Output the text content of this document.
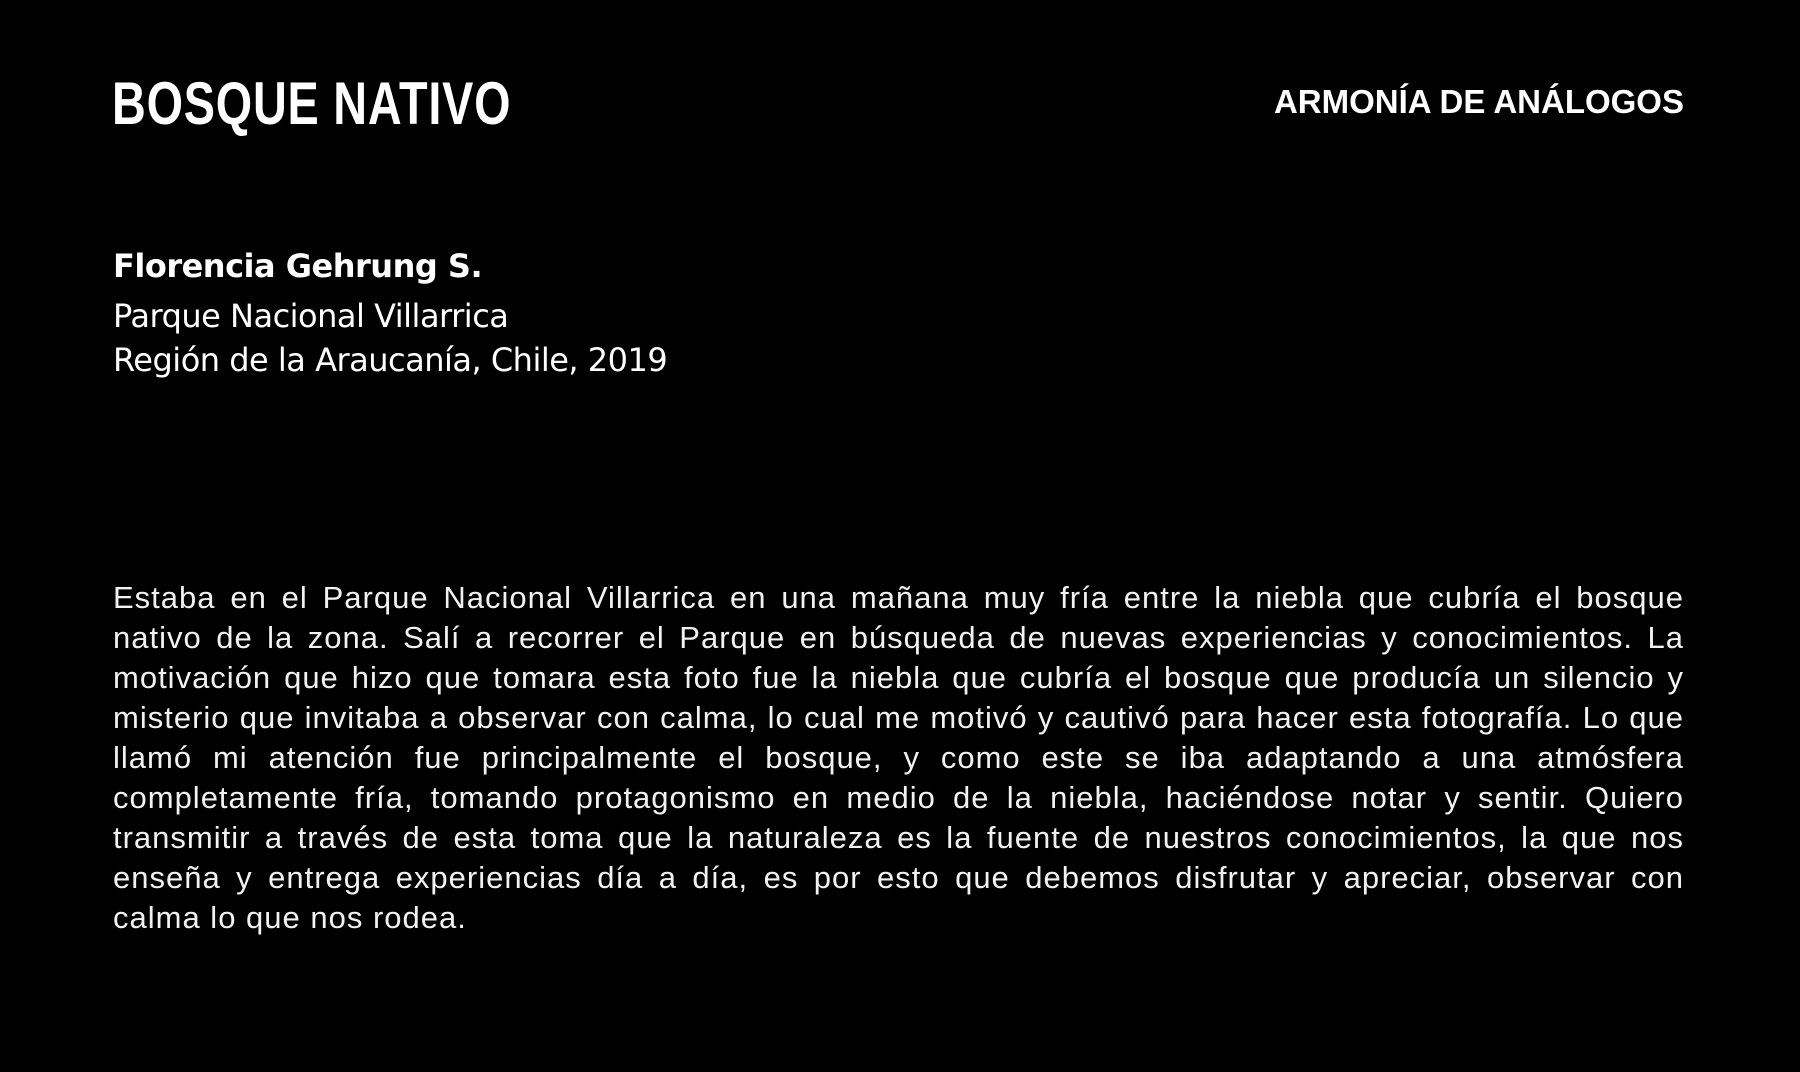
BOSQUE NATIVO	ARMONÍA DE ANÁLOGOS

Florencia Gehrung S.

Parque Nacional Villarrica

Región de la Araucanía, Chile, 2019

Estaba en el Parque Nacional Villarrica en una mañana muy fría entre la niebla que cubría el bosque nativo de la zona. Salí a recorrer el Parque en búsqueda de nuevas experiencias y conocimientos. La motivación que hizo que tomara esta foto fue la niebla que cubría el bosque que producía un silencio y misterio que invitaba a observar con calma, lo cual me motivó y cautivó para hacer esta fotografía. Lo que llamó mi atención fue principalmente el bosque, y como este se iba adaptando a una atmósfera completamente fría, tomando protagonismo en medio de la niebla, haciéndose notar y sentir. Quiero transmitir a través de esta toma que la naturaleza es la fuente de nuestros conocimientos, la que nos enseña y entrega experiencias día a día, es por esto que debemos disfrutar y apreciar, observar con calma lo que nos rodea.
